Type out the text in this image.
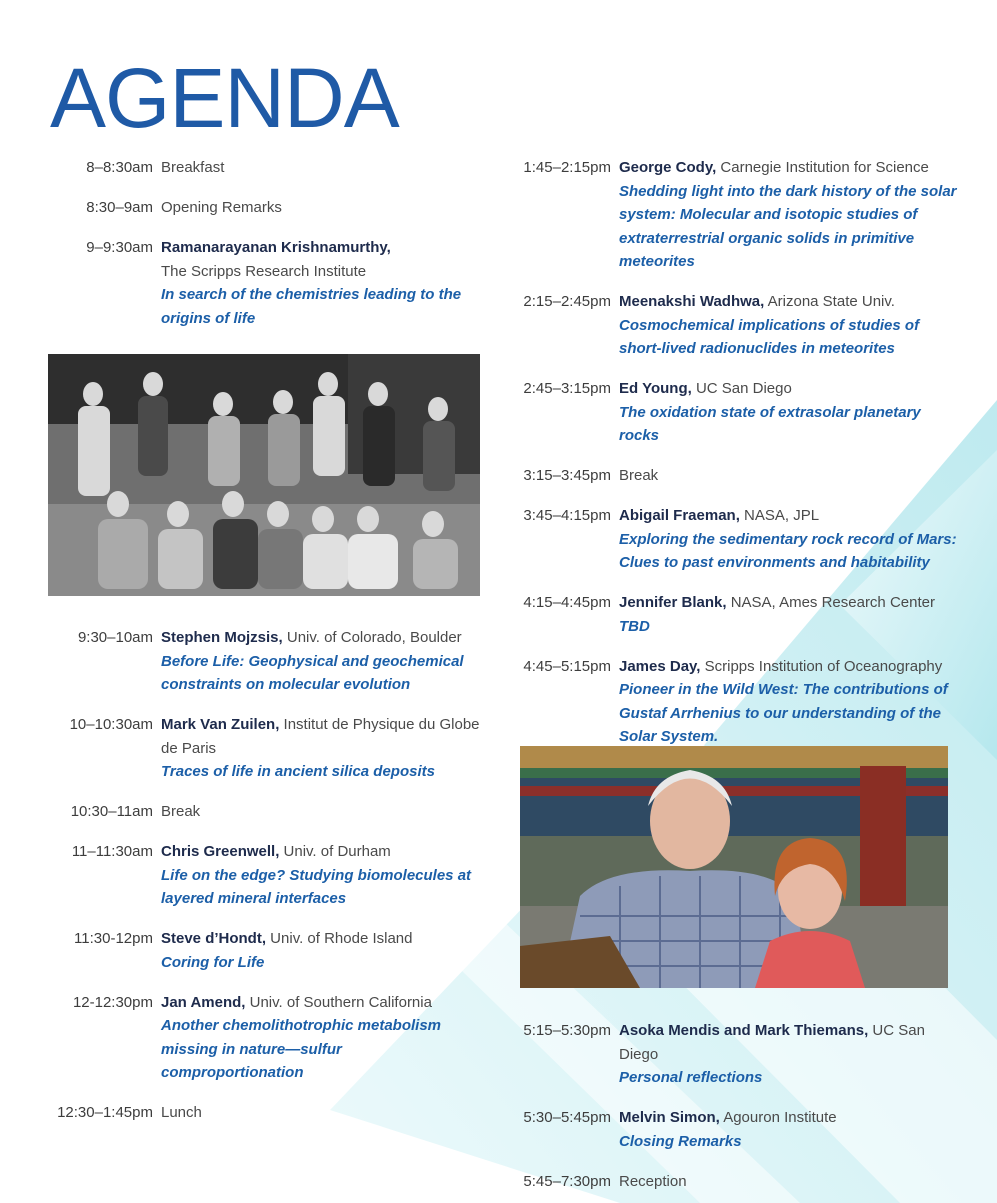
AGENDA
8–8:30am Breakfast
8:30–9am Opening Remarks
9–9:30am Ramanarayanan Krishnamurthy,
The Scripps Research Institute
In search of the chemistries leading to the origins of life
9:30–10am Stephen Mojzsis, Univ. of Colorado, Boulder
Before Life: Geophysical and geochemical constraints on molecular evolution
10–10:30am Mark Van Zuilen, Institut de Physique du Globe de Paris
Traces of life in ancient silica deposits
10:30–11am Break
11–11:30am Chris Greenwell, Univ. of Durham
Life on the edge? Studying biomolecules at layered mineral interfaces
11:30-12pm Steve d’Hondt, Univ. of Rhode Island
Coring for Life
12-12:30pm Jan Amend, Univ. of Southern California
Another chemolithotrophic metabolism missing in nature—sulfur comproportionation
12:30–1:45pm Lunch
1:45–2:15pm George Cody, Carnegie Institution for Science
Shedding light into the dark history of the solar system: Molecular and isotopic studies of extraterrestrial organic solids in primitive meteorites
2:15–2:45pm Meenakshi Wadhwa, Arizona State Univ.
Cosmochemical implications of studies of short-lived radionuclides in meteorites
2:45–3:15pm Ed Young, UC San Diego
The oxidation state of extrasolar planetary rocks
3:15–3:45pm Break
3:45–4:15pm Abigail Fraeman, NASA, JPL
Exploring the sedimentary rock record of Mars: Clues to past environments and habitability
4:15–4:45pm Jennifer Blank, NASA, Ames Research Center
TBD
4:45–5:15pm James Day, Scripps Institution of Oceanography
Pioneer in the Wild West: The contributions of Gustaf Arrhenius to our understanding of the Solar System.
5:15–5:30pm Asoka Mendis and Mark Thiemans, UC San Diego
Personal reflections
5:30–5:45pm Melvin Simon, Agouron Institute
Closing Remarks
5:45–7:30pm Reception
